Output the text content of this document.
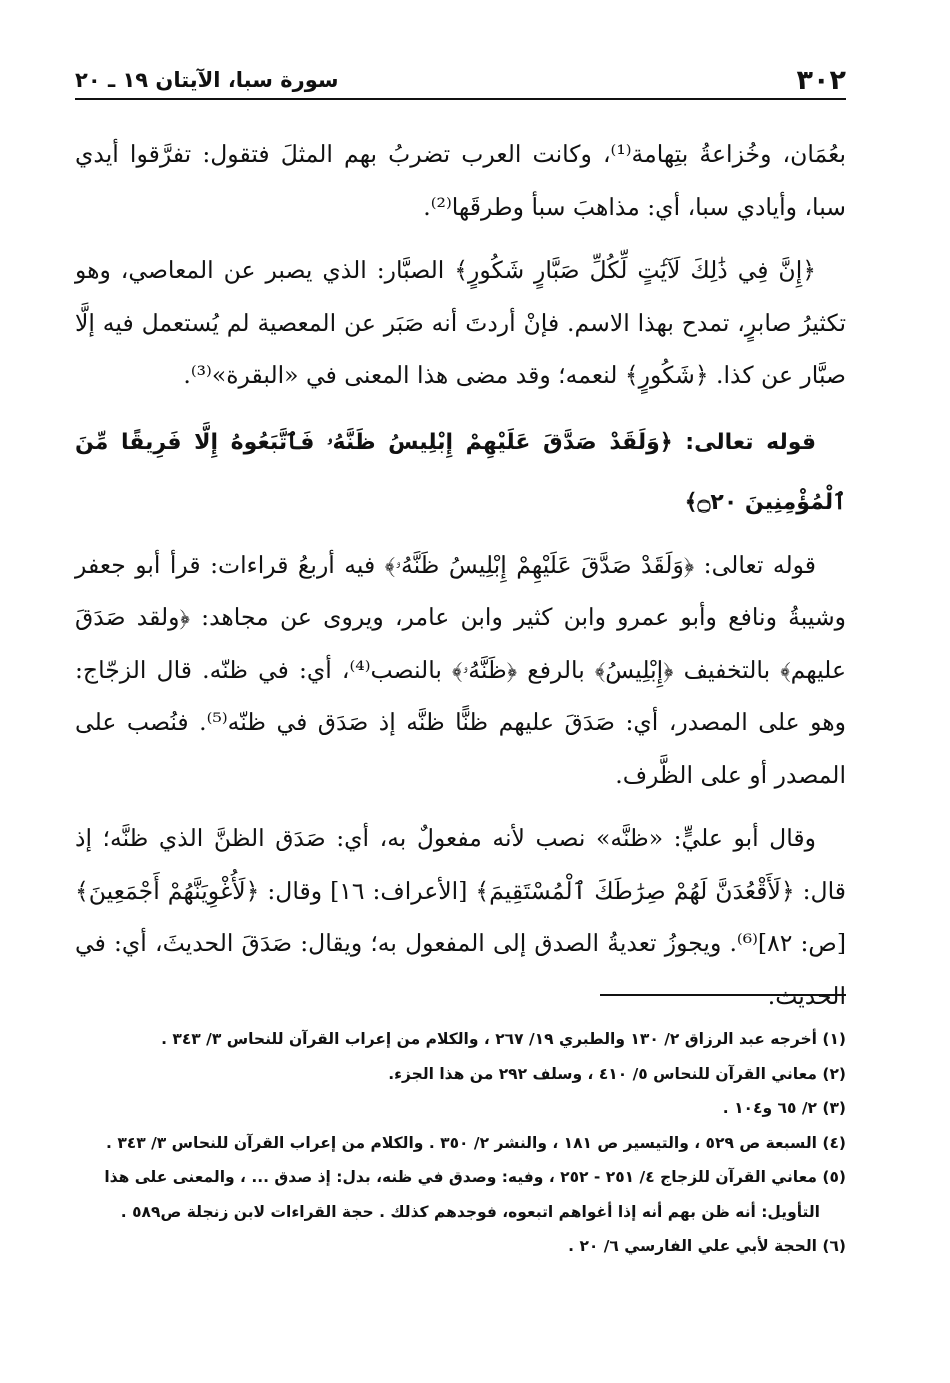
٣٠٢
سورة سبا، الآيتان ١٩ ـ ٢٠

بعُمَان، وخُزاعةُ بتِهامة⁽¹⁾، وكانت العرب تضربُ بهم المثلَ فتقول: تفرَّقوا أيدي سبا، وأيادي سبا، أي: مذاهبَ سبأ وطرقَها⁽²⁾.

﴿إِنَّ فِي ذَٰلِكَ لَآيَٰتٍ لِّكُلِّ صَبَّارٍ شَكُورٍ﴾ الصبَّار: الذي يصبر عن المعاصي، وهو تكثيرُ صابرٍ، تمدح بهذا الاسم. فإنْ أردتَ أنه صَبَر عن المعصية لم يُستعمل فيه إلَّا صبَّار عن كذا. ﴿شَكُورٍ﴾ لنعمه؛ وقد مضى هذا المعنى في «البقرة»⁽³⁾.

قوله تعالى: ﴿وَلَقَدْ صَدَّقَ عَلَيْهِمْ إِبْلِيسُ ظَنَّهُۥ فَٱتَّبَعُوهُ إِلَّا فَرِيقًا مِّنَ ٱلْمُؤْمِنِينَ ۝٢٠﴾

قوله تعالى: ﴿وَلَقَدْ صَدَّقَ عَلَيْهِمْ إِبْلِيسُ ظَنَّهُۥ﴾ فيه أربعُ قراءات: قرأ أبو جعفر وشيبةُ ونافع وأبو عمرو وابن كثير وابن عامر، ويروى عن مجاهد: ﴿ولقد صَدَقَ عليهم﴾ بالتخفيف ﴿إِبْلِيسُ﴾ بالرفع ﴿ظَنَّهُۥ﴾ بالنصب⁽⁴⁾، أي: في ظنّه. قال الزجّاج: وهو على المصدر، أي: صَدَقَ عليهم ظنًّا ظنَّه إذ صَدَق في ظنّه⁽⁵⁾. فنُصب على المصدر أو على الظَّرف.

وقال أبو عليٍّ: «ظنَّه» نصب لأنه مفعولٌ به، أي: صَدَق الظنَّ الذي ظنَّه؛ إذ قال: ﴿لَأَقْعُدَنَّ لَهُمْ صِرَٰطَكَ ٱلْمُسْتَقِيمَ﴾ [الأعراف: ١٦] وقال: ﴿لَأُغْوِيَنَّهُمْ أَجْمَعِينَ﴾ [ص: ٨٢]⁽⁶⁾. ويجوزُ تعديةُ الصدق إلى المفعول به؛ ويقال: صَدَقَ الحديثَ، أي: في الحديث.

(١) أخرجه عبد الرزاق ٢/ ١٣٠ والطبري ١٩/ ٢٦٧ ، والكلام من إعراب القرآن للنحاس ٣/ ٣٤٣ .

(٢) معاني القرآن للنحاس ٥/ ٤١٠ ، وسلف ٢٩٢ من هذا الجزء.

(٣) ٢/ ٦٥ و١٠٤ .

(٤) السبعة ص ٥٢٩ ، والتيسير ص ١٨١ ، والنشر ٢/ ٣٥٠ . والكلام من إعراب القرآن للنحاس ٣/ ٣٤٣ .

(٥) معاني القرآن للزجاج ٤/ ٢٥١ - ٢٥٢ ، وفيه: وصدق في ظنه، بدل: إذ صدق ... ، والمعنى على هذا

التأويل: أنه ظن بهم أنه إذا أغواهم اتبعوه، فوجدهم كذلك . حجة القراءات لابن زنجلة ص٥٨٩ .

(٦) الحجة لأبي علي الفارسي ٦/ ٢٠ .
